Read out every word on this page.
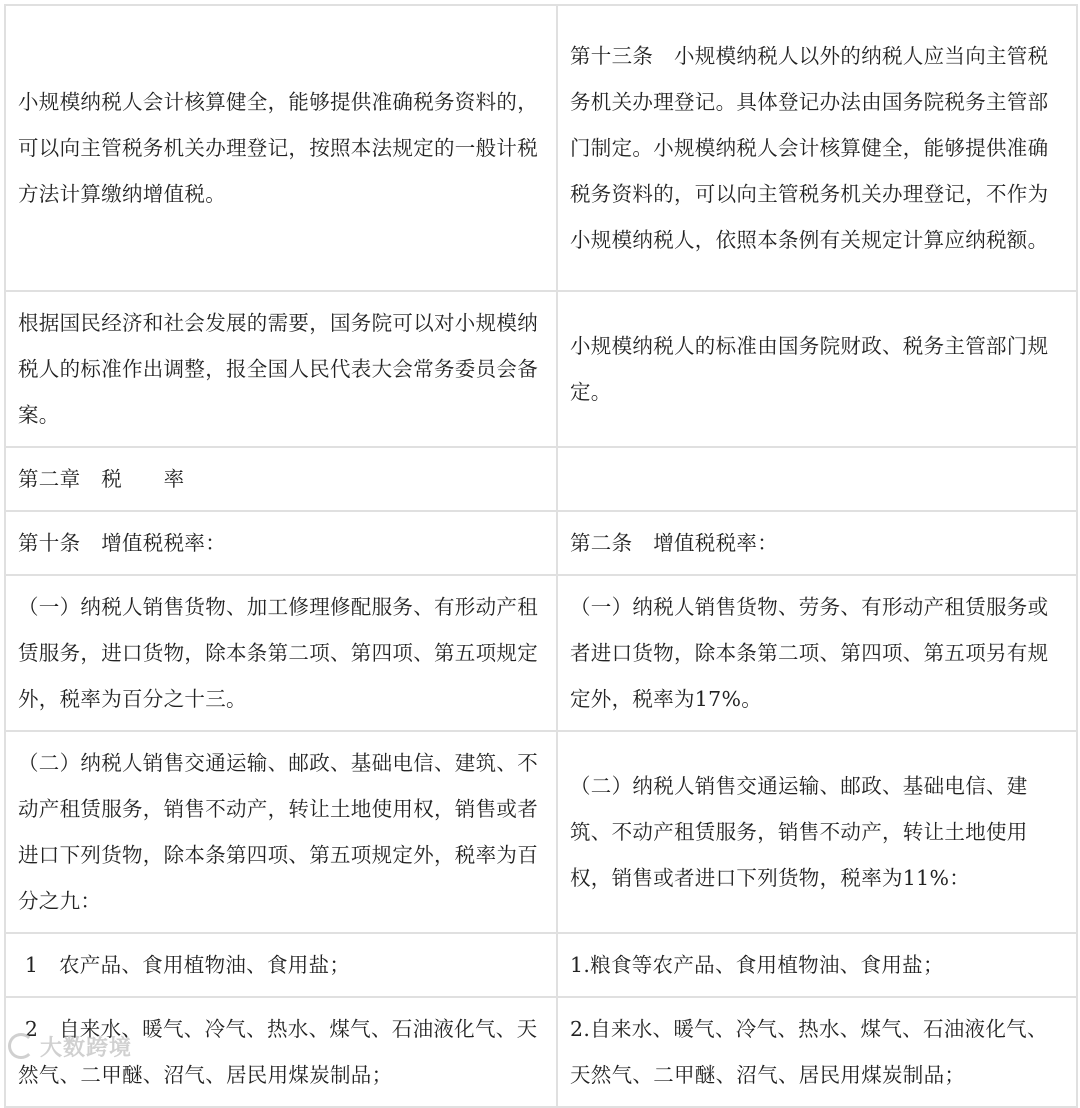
小规模纳税人会计核算健全，能够提供准确税务资料的，可以向主管税务机关办理登记，按照本法规定的一般计税方法计算缴纳增值税。	第十三条　小规模纳税人以外的纳税人应当向主管税务机关办理登记。具体登记办法由国务院税务主管部门制定。小规模纳税人会计核算健全，能够提供准确税务资料的，可以向主管税务机关办理登记，不作为小规模纳税人，依照本条例有关规定计算应纳税额。
根据国民经济和社会发展的需要，国务院可以对小规模纳税人的标准作出调整，报全国人民代表大会常务委员会备案。	小规模纳税人的标准由国务院财政、税务主管部门规定。
第二章　税　　率	
第十条　增值税税率：	第二条　增值税税率：
（一）纳税人销售货物、加工修理修配服务、有形动产租赁服务，进口货物，除本条第二项、第四项、第五项规定外，税率为百分之十三。	（一）纳税人销售货物、劳务、有形动产租赁服务或者进口货物，除本条第二项、第四项、第五项另有规定外，税率为17%。
（二）纳税人销售交通运输、邮政、基础电信、建筑、不动产租赁服务，销售不动产，转让土地使用权，销售或者进口下列货物，除本条第四项、第五项规定外，税率为百分之九：	（二）纳税人销售交通运输、邮政、基础电信、建筑、不动产租赁服务，销售不动产，转让土地使用权，销售或者进口下列货物，税率为11%：
1　农产品、食用植物油、食用盐；	1.粮食等农产品、食用植物油、食用盐；
2　自来水、暖气、冷气、热水、煤气、石油液化气、天然气、二甲醚、沼气、居民用煤炭制品；	2.自来水、暖气、冷气、热水、煤气、石油液化气、天然气、二甲醚、沼气、居民用煤炭制品；
大数跨境
